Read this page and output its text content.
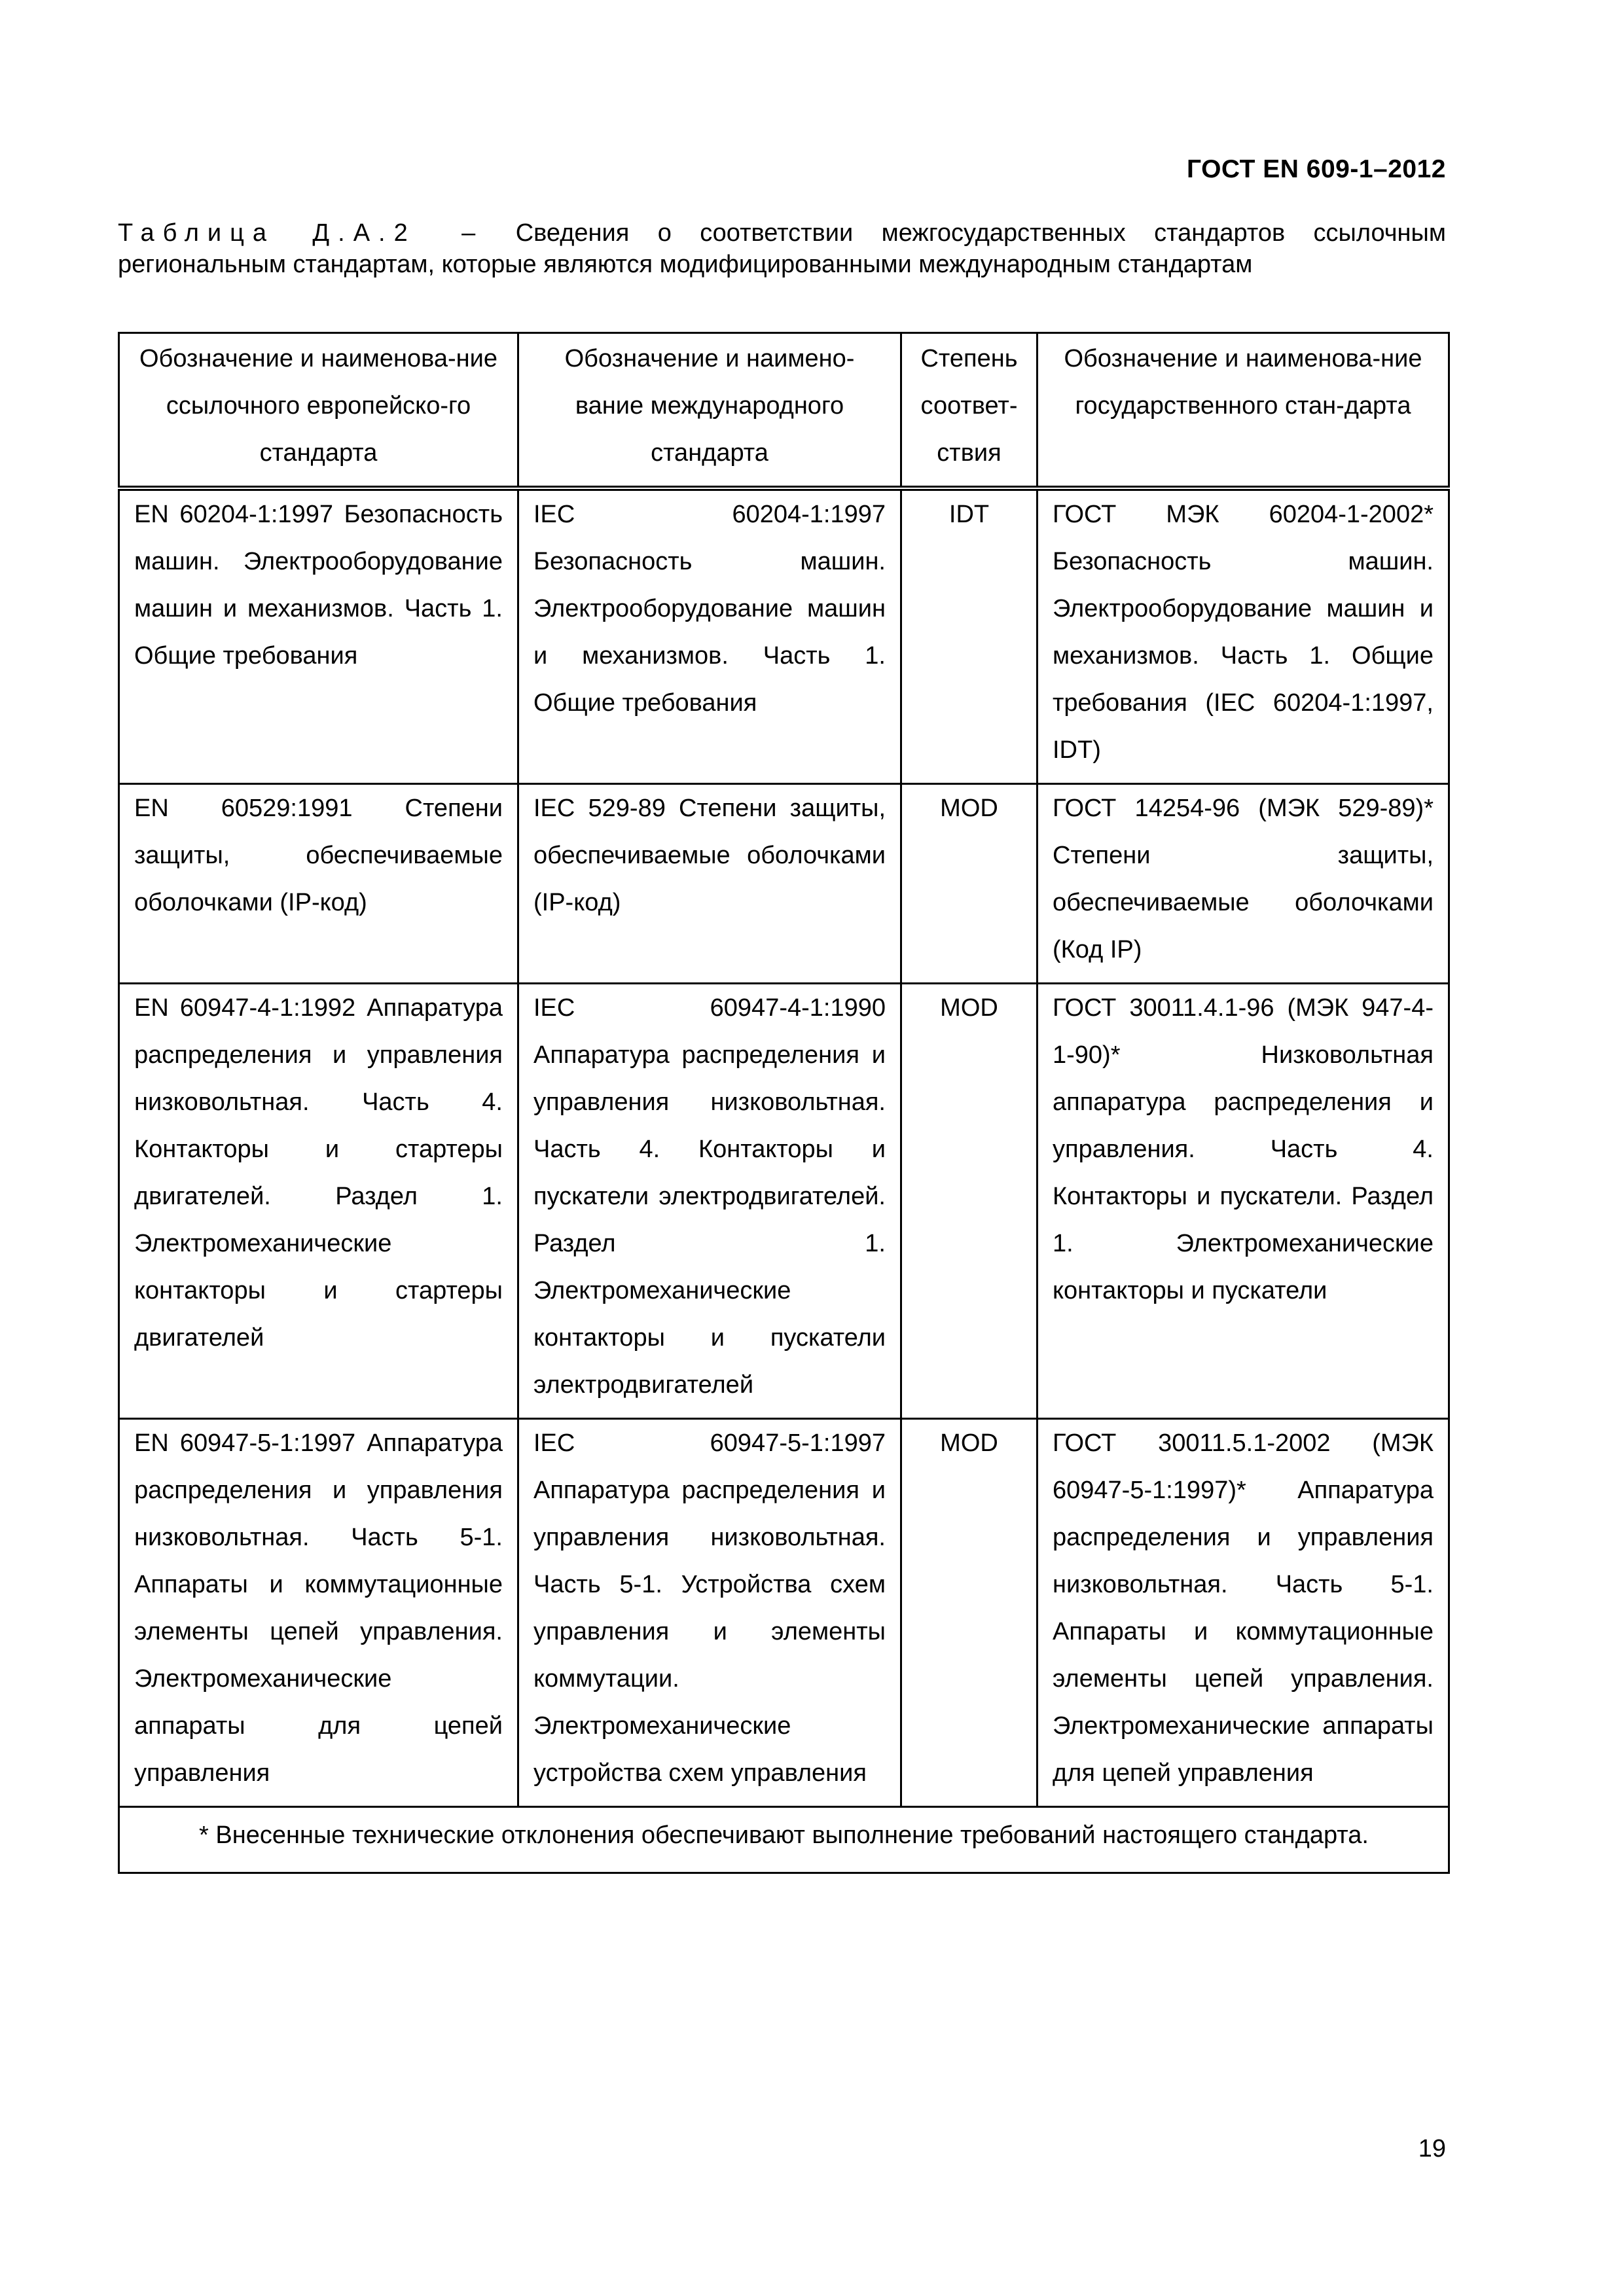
ГОСТ EN 609-1–2012
Таблица Д.А.2 – Сведения о соответствии межгосударственных стандартов ссылочным региональным стандартам, которые являются модифицированными международным стандартам
Обозначение и наименова-ние ссылочного европейско-го стандарта	Обозначение и наимено-вание международного стандарта	Степень соответ-ствия	Обозначение и наименова-ние государственного стан-дарта
EN 60204-1:1997 Безопасность машин. Электрооборудование машин и механизмов. Часть 1. Общие требования	IEC 60204-1:1997 Безопасность машин. Электрооборудование машин и механизмов. Часть 1. Общие требования	IDT	ГОСТ МЭК 60204-1-2002* Безопасность машин. Электрооборудование машин и механизмов. Часть 1. Общие требования (IEC 60204-1:1997, IDT)
EN 60529:1991 Степени защиты, обеспечиваемые оболочками (IP-код)	IEC 529-89 Степени защиты, обеспечиваемые оболочками (IP-код)	MOD	ГОСТ 14254-96 (МЭК 529-89)* Степени защиты, обеспечиваемые оболочками (Код IP)
EN 60947-4-1:1992 Аппаратура распределения и управления низковольтная. Часть 4. Контакторы и стартеры двигателей. Раздел 1. Электромеханические контакторы и стартеры двигателей	IEC 60947-4-1:1990 Аппаратура распределения и управления низковольтная. Часть 4. Контакторы и пускатели электродвигателей. Раздел 1. Электромеханические контакторы и пускатели электродвигателей	MOD	ГОСТ 30011.4.1-96 (МЭК 947-4-1-90)* Низковольтная аппаратура распределения и управления. Часть 4. Контакторы и пускатели. Раздел 1. Электромеханические контакторы и пускатели
EN 60947-5-1:1997 Аппаратура распределения и управления низковольтная. Часть 5-1. Аппараты и коммутационные элементы цепей управления. Электромеханические аппараты для цепей управления	IEC 60947-5-1:1997 Аппаратура распределения и управления низковольтная. Часть 5-1. Устройства схем управления и элементы коммутации. Электромеханические устройства схем управления	MOD	ГОСТ 30011.5.1-2002 (МЭК 60947-5-1:1997)* Аппаратура распределения и управления низковольтная. Часть 5-1. Аппараты и коммутационные элементы цепей управления. Электромеханические аппараты для цепей управления
* Внесенные технические отклонения обеспечивают выполнение требований настоящего стандарта.			
19
